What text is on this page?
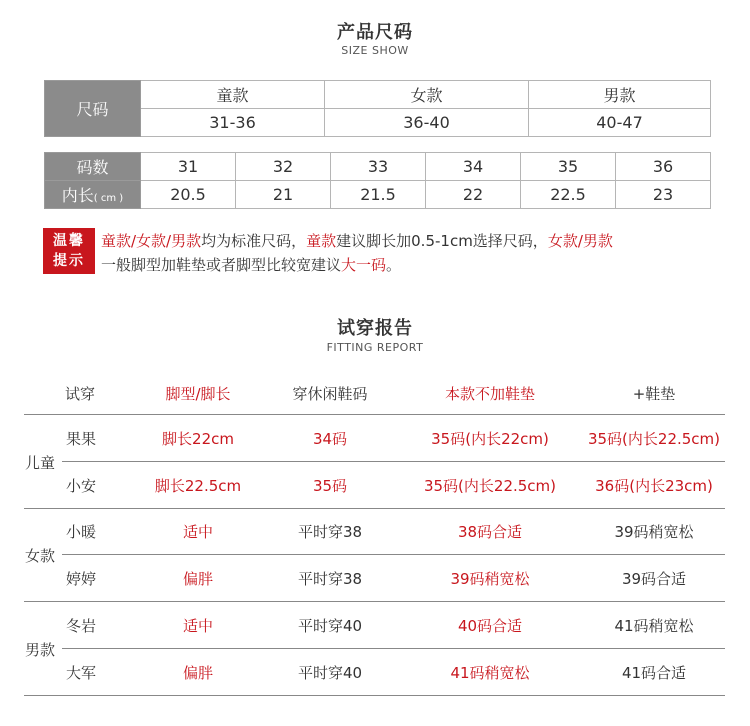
产品尺码
SIZE SHOW
尺码	童款	女款	男款
	31-36	36-40	40-47
码数	31	32	33	34	35	36
内长( cm )	20.5	21	21.5	22	22.5	23
温馨
提示
童款/女款/男款均为标准尺码，童款建议脚长加0.5-1cm选择尺码，女款/男款
一般脚型加鞋垫或者脚型比较宽建议大一码。
试穿报告
FITTING REPORT
试穿	脚型/脚长	穿休闲鞋码	本款不加鞋垫	+鞋垫
儿童
果果	脚长22cm	34码	35码(内长22cm)	35码(内长22.5cm)
小安	脚长22.5cm	35码	35码(内长22.5cm)	36码(内长23cm)
女款
小暖	适中	平时穿38	38码合适	39码稍宽松
婷婷	偏胖	平时穿38	39码稍宽松	39码合适
男款
冬岩	适中	平时穿40	40码合适	41码稍宽松
大军	偏胖	平时穿40	41码稍宽松	41码合适
